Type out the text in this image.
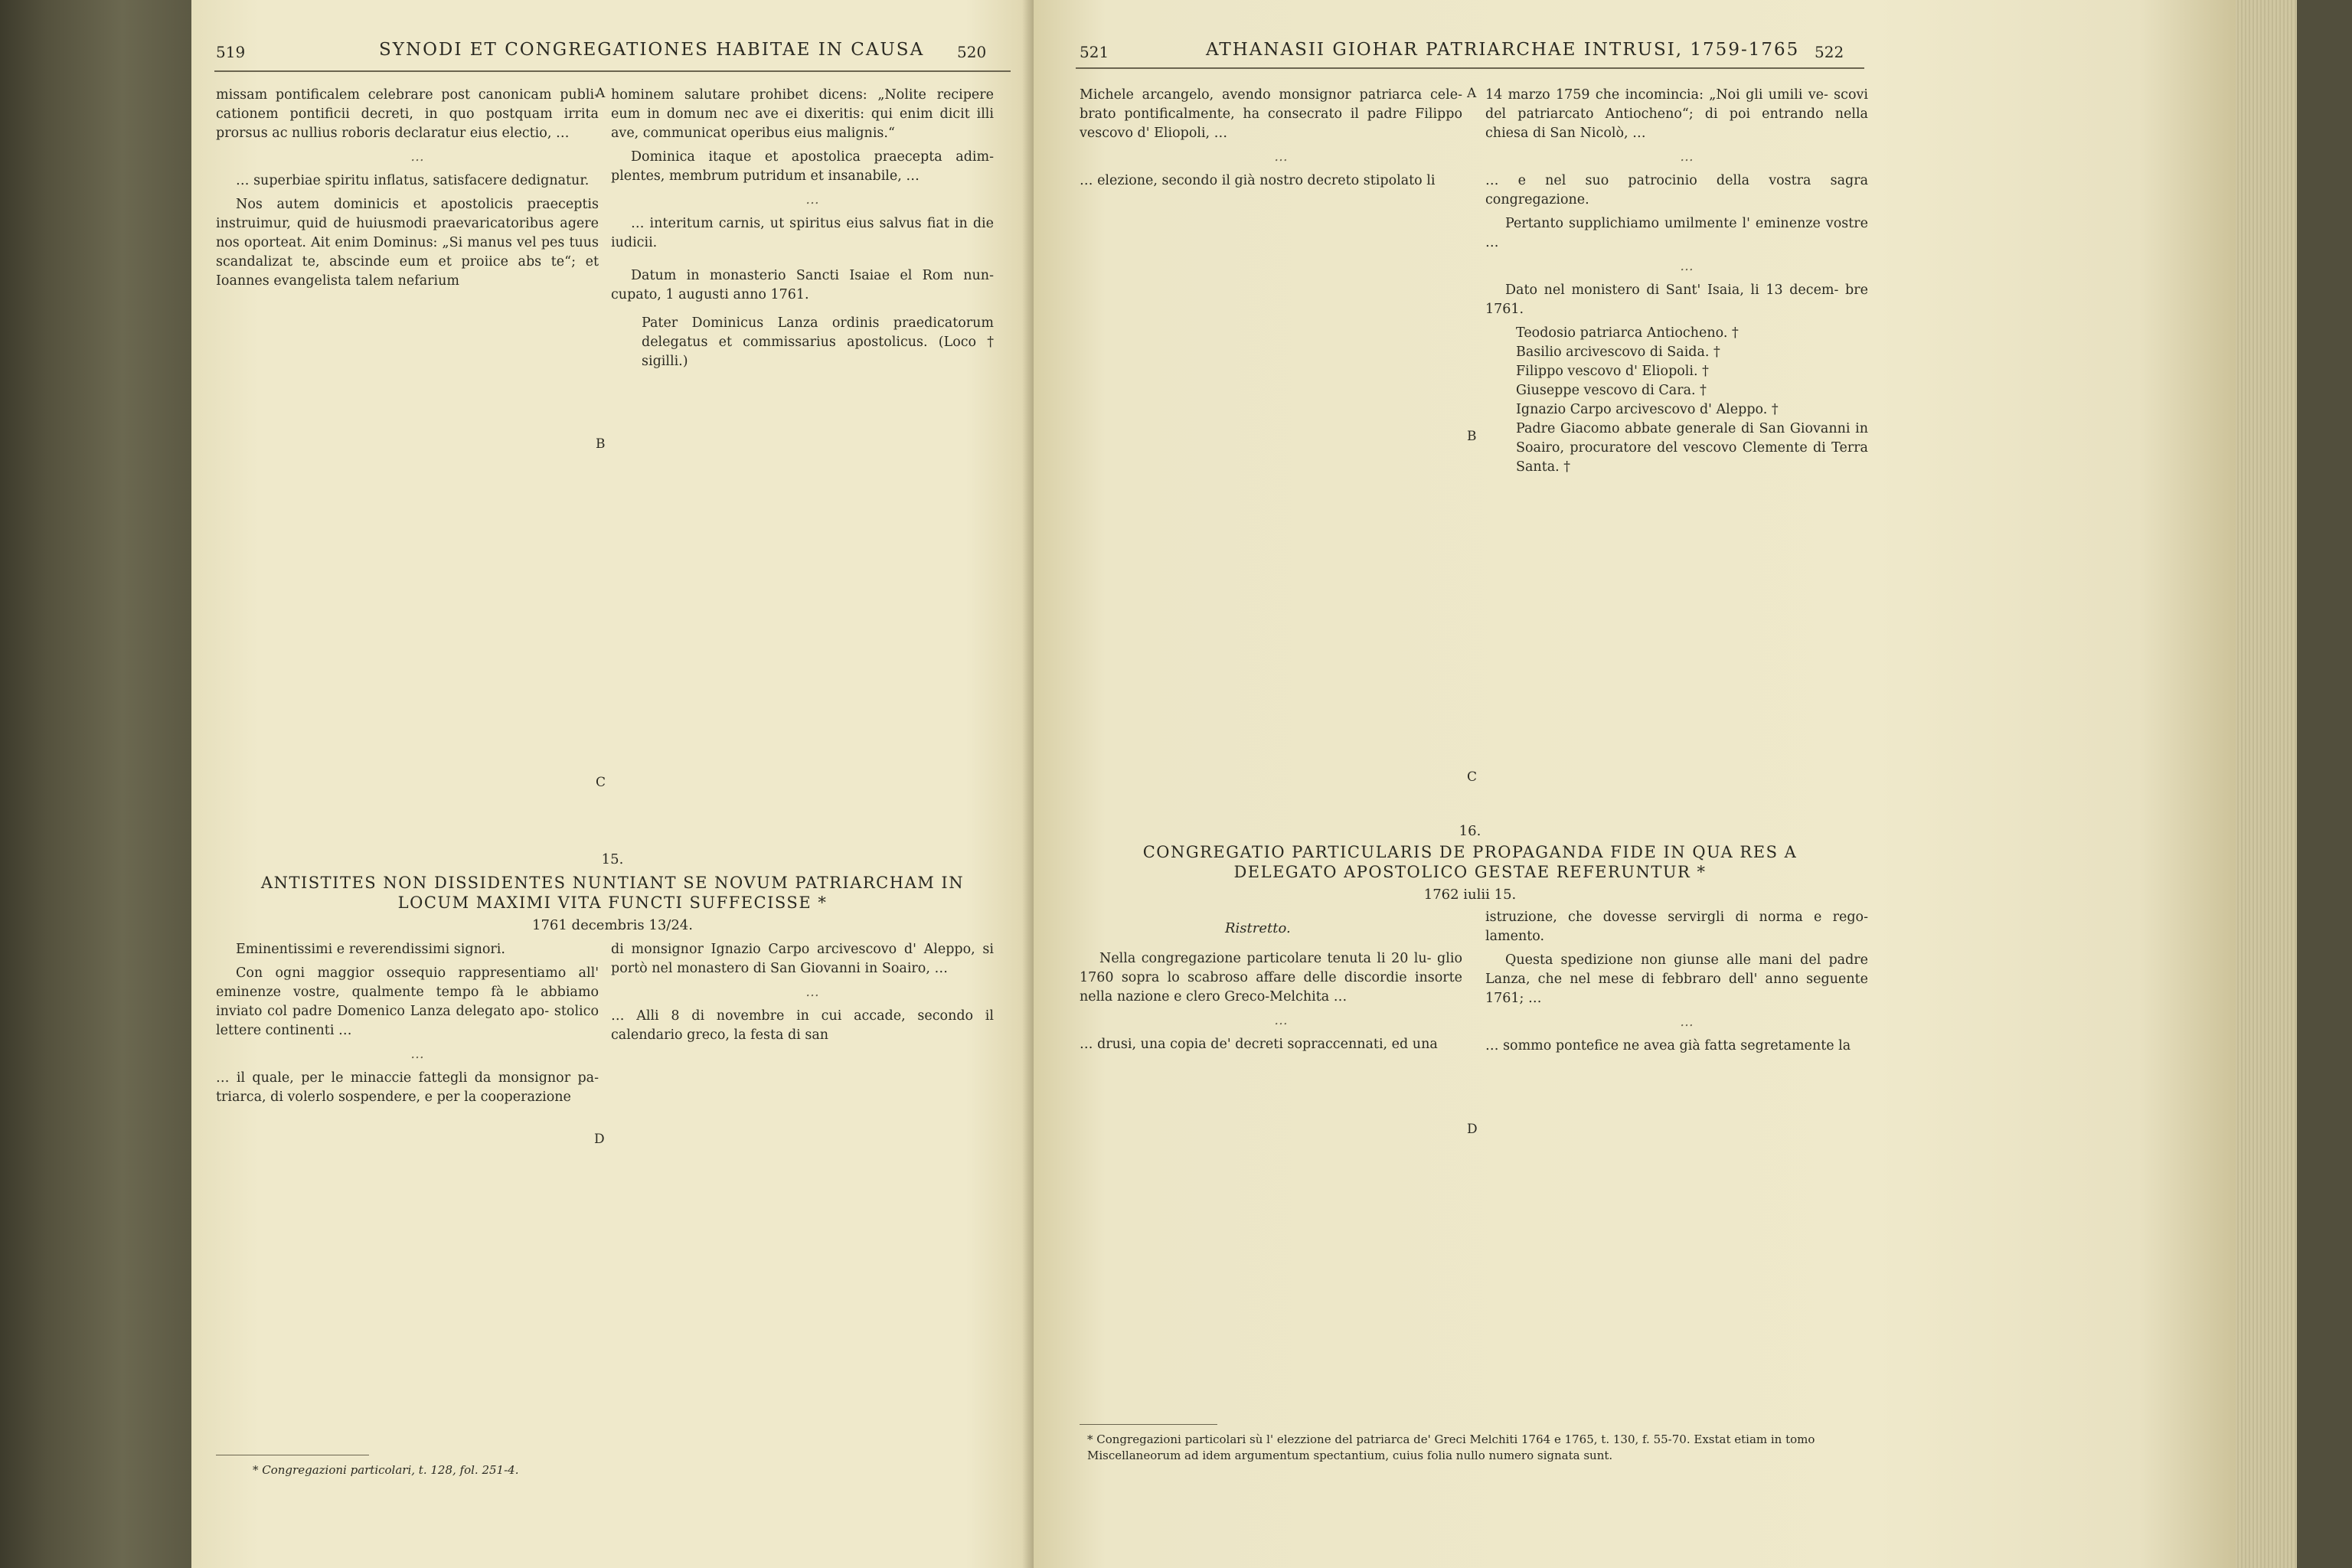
519	SYNODI ET CONGREGATIONES HABITAE IN CAUSA 520

missam pontificalem celebrare post canonicam publi- cationem pontificii decreti, in quo postquam irrita prorsus ac nullius roboris declaratur eius electio, …

…

… superbiae spiritu inflatus, satisfacere dedignatur.

Nos autem dominicis et apostolicis praeceptis instruimur, quid de huiusmodi praevaricatoribus agere nos oporteat. Ait enim Dominus: „Si manus vel pes tuus scandalizat te, abscinde eum et proiice abs te“; et Ioannes evangelista talem nefarium

A
B
C
D

hominem salutare prohibet dicens: „Nolite recipere eum in domum nec ave ei dixeritis: qui enim dicit illi ave, communicat operibus eius malignis.“

Dominica itaque et apostolica praecepta adim- plentes, membrum putridum et insanabile, …

…

… interitum carnis, ut spiritus eius salvus fiat in die iudicii.

Datum in monasterio Sancti Isaiae el Rom nun- cupato, 1 augusti anno 1761.

Pater Dominicus Lanza ordinis praedicatorum delegatus et commissarius apostolicus. (Loco † sigilli.)

15.
ANTISTITES NON DISSIDENTES NUNTIANT SE NOVUM PATRIARCHAM IN LOCUM MAXIMI VITA FUNCTI SUFFECISSE *
1761 decembris 13/24.

Eminentissimi e reverendissimi signori.

Con ogni maggior ossequio rappresentiamo all' eminenze vostre, qualmente tempo fà le abbiamo inviato col padre Domenico Lanza delegato apo- stolico lettere continenti …

…

… il quale, per le minaccie fattegli da monsignor pa- triarca, di volerlo sospendere, e per la cooperazione

di monsignor Ignazio Carpo arcivescovo d' Aleppo, si portò nel monastero di San Giovanni in Soairo, …

…

… Alli 8 di novembre in cui accade, secondo il calendario greco, la festa di san

* Congregazioni particolari, t. 128, fol. 251-4.
521	ATHANASII GIOHAR PATRIARCHAE INTRUSI, 1759-1765 522

Michele arcangelo, avendo monsignor patriarca cele- brato pontificalmente, ha consecrato il padre Filippo vescovo d' Eliopoli, …

…

… elezione, secondo il già nostro decreto stipolato li

A
B
C
D

14 marzo 1759 che incomincia: „Noi gli umili ve- scovi del patriarcato Antiocheno“; di poi entrando nella chiesa di San Nicolò, …

…

… e nel suo patrocinio della vostra sagra congregazione.

Pertanto supplichiamo umilmente l' eminenze vostre …

…

Dato nel monistero di Sant' Isaia, li 13 decem- bre 1761.

Teodosio patriarca Antiocheno. †
Basilio arcivescovo di Saida. †
Filippo vescovo d' Eliopoli. †
Giuseppe vescovo di Cara. †
Ignazio Carpo arcivescovo d' Aleppo. †
Padre Giacomo abbate generale di San Giovanni in Soairo, procuratore del vescovo Clemente di Terra Santa. †
16.
CONGREGATIO PARTICULARIS DE PROPAGANDA FIDE IN QUA RES A DELEGATO APOSTOLICO GESTAE REFERUNTUR *
1762 iulii 15.
Ristretto.

Nella congregazione particolare tenuta li 20 lu- glio 1760 sopra lo scabroso affare delle discordie insorte nella nazione e clero Greco-Melchita …

…

… drusi, una copia de' decreti sopraccennati, ed una

istruzione, che dovesse servirgli di norma e rego- lamento.

Questa spedizione non giunse alle mani del padre Lanza, che nel mese di febbraro dell' anno seguente 1761; …

…

… sommo pontefice ne avea già fatta segretamente la

* Congregazioni particolari sù l' elezzione del patriarca de' Greci Melchiti 1764 e 1765, t. 130, f. 55-70. Exstat etiam in tomo Miscellaneorum ad idem argumentum spectantium, cuius folia nullo numero signata sunt.
